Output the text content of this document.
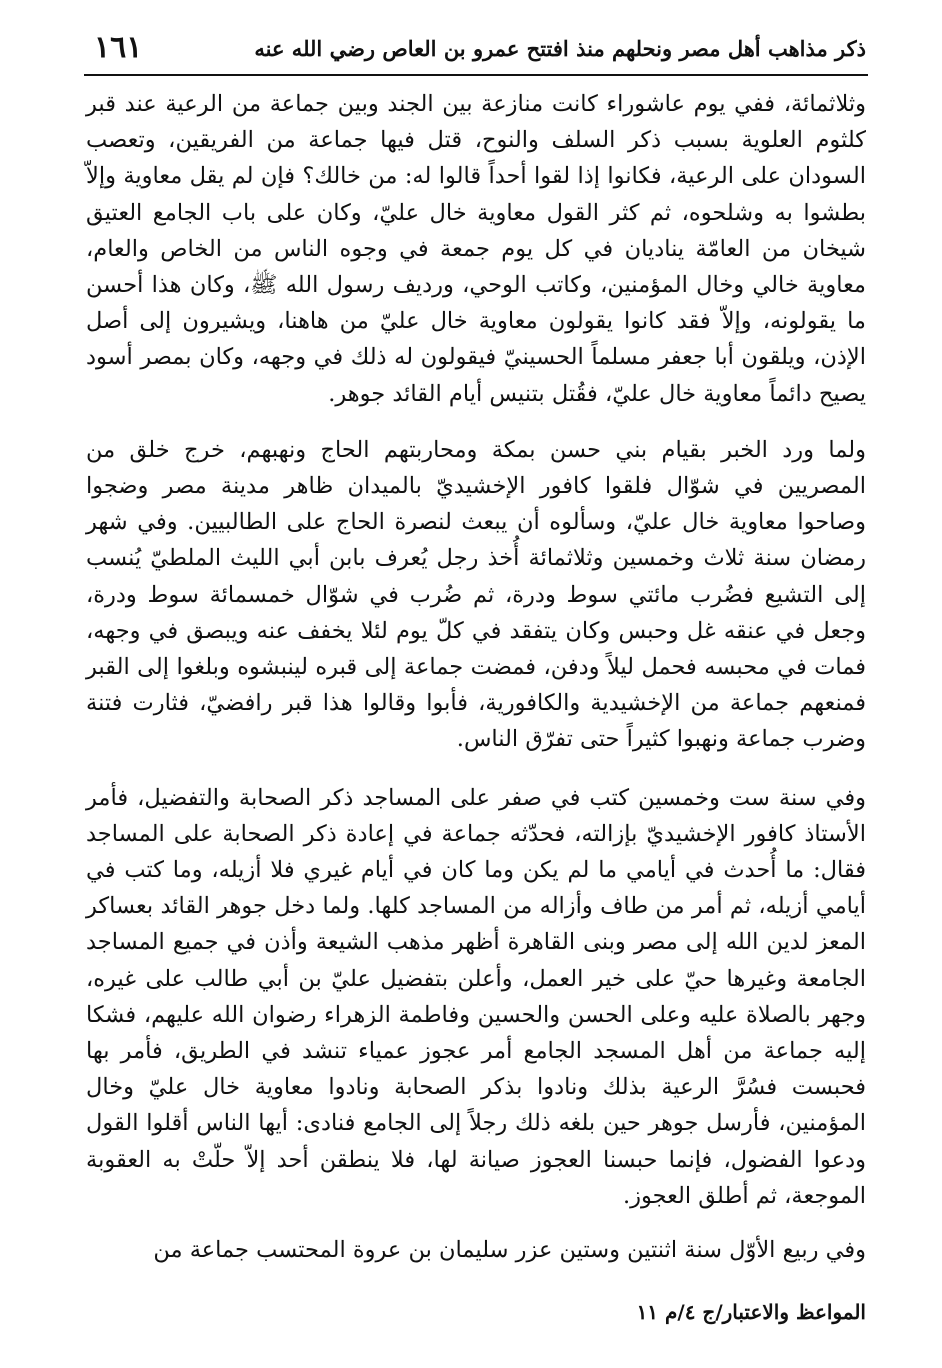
١٦١	ذكر مذاهب أهل مصر ونحلهم منذ افتتح عمرو بن العاص رضي الله عنه

وثلاثمائة، ففي يوم عاشوراء كانت منازعة بين الجند وبين جماعة من الرعية عند قبر كلثوم العلوية بسبب ذكر السلف والنوح، قتل فيها جماعة من الفريقين، وتعصب السودان على الرعية، فكانوا إذا لقوا أحداً قالوا له: من خالك؟ فإن لم يقل معاوية وإلاّ بطشوا به وشلحوه، ثم كثر القول معاوية خال عليّ، وكان على باب الجامع العتيق شيخان من العامّة يناديان في كل يوم جمعة في وجوه الناس من الخاص والعام، معاوية خالي وخال المؤمنين، وكاتب الوحي، ورديف رسول الله ﷺ، وكان هذا أحسن ما يقولونه، وإلاّ فقد كانوا يقولون معاوية خال عليّ من هاهنا، ويشيرون إلى أصل الإذن، ويلقون أبا جعفر مسلماً الحسينيّ فيقولون له ذلك في وجهه، وكان بمصر أسود يصيح دائماً معاوية خال عليّ، فقُتل بتنيس أيام القائد جوهر.

ولما ورد الخبر بقيام بني حسن بمكة ومحاربتهم الحاج ونهبهم، خرج خلق من المصريين في شوّال فلقوا كافور الإخشيديّ بالميدان ظاهر مدينة مصر وضجوا وصاحوا معاوية خال عليّ، وسألوه أن يبعث لنصرة الحاج على الطالبيين. وفي شهر رمضان سنة ثلاث وخمسين وثلاثمائة أُخذ رجل يُعرف بابن أبي الليث الملطيّ يُنسب إلى التشيع فضُرب مائتي سوط ودرة، ثم ضُرب في شوّال خمسمائة سوط ودرة، وجعل في عنقه غل وحبس وكان يتفقد في كلّ يوم لئلا يخفف عنه ويبصق في وجهه، فمات في محبسه فحمل ليلاً ودفن، فمضت جماعة إلى قبره لينبشوه وبلغوا إلى القبر فمنعهم جماعة من الإخشيدية والكافورية، فأبوا وقالوا هذا قبر رافضيّ، فثارت فتنة وضرب جماعة ونهبوا كثيراً حتى تفرّق الناس.

وفي سنة ست وخمسين كتب في صفر على المساجد ذكر الصحابة والتفضيل، فأمر الأستاذ كافور الإخشيديّ بإزالته، فحدّثه جماعة في إعادة ذكر الصحابة على المساجد فقال: ما أُحدث في أيامي ما لم يكن وما كان في أيام غيري فلا أزيله، وما كتب في أيامي أزيله، ثم أمر من طاف وأزاله من المساجد كلها. ولما دخل جوهر القائد بعساكر المعز لدين الله إلى مصر وبنى القاهرة أظهر مذهب الشيعة وأذن في جميع المساجد الجامعة وغيرها حيّ على خير العمل، وأعلن بتفضيل عليّ بن أبي طالب على غيره، وجهر بالصلاة عليه وعلى الحسن والحسين وفاطمة الزهراء رضوان الله عليهم، فشكا إليه جماعة من أهل المسجد الجامع أمر عجوز عمياء تنشد في الطريق، فأمر بها فحبست فسُرَّ الرعية بذلك ونادوا بذكر الصحابة ونادوا معاوية خال عليّ وخال المؤمنين، فأرسل جوهر حين بلغه ذلك رجلاً إلى الجامع فنادى: أيها الناس أقلوا القول ودعوا الفضول، فإنما حبسنا العجوز صيانة لها، فلا ينطقن أحد إلاّ حلّتْ به العقوبة الموجعة، ثم أطلق العجوز.

وفي ربيع الأوّل سنة اثنتين وستين عزر سليمان بن عروة المحتسب جماعة من

المواعظ والاعتبار/ج ٤/م ١١
